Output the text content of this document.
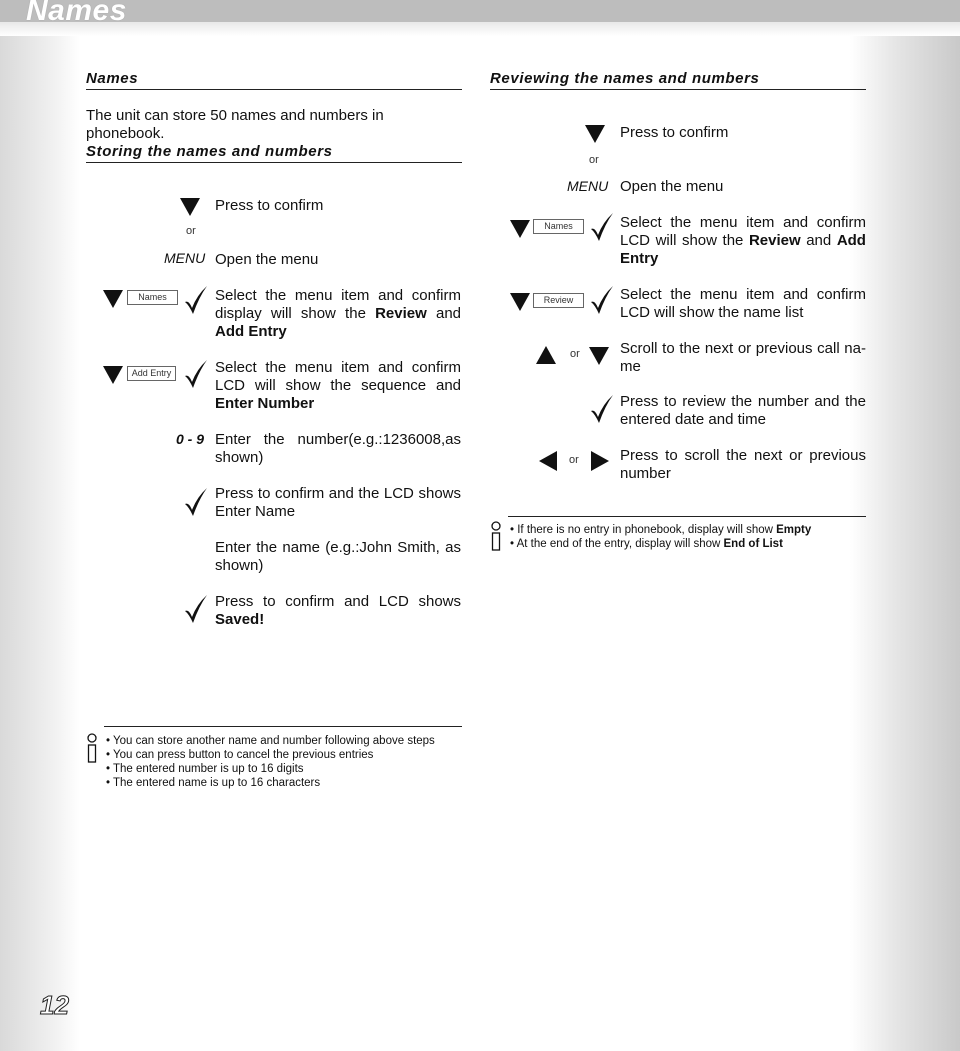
Names
Names
The unit can store 50 names and numbers in phonebook.
Storing the names and numbers
Press to confirm
or
MENU Open the menu
Names	Select the menu item and confirm display will show the Review and Add Entry
Add Entry	Select the menu item and confirm LCD will show the sequence and Enter Number
0 - 9 Enter the number(e.g.:1236008,as shown)
Press to confirm and the LCD shows Enter Name
Enter the name (e.g.:John Smith, as shown)
Press to confirm and LCD shows Saved!
Reviewing the names and numbers
Press to confirm
or
MENU Open the menu
Names	Select the menu item and confirm LCD will show the Review and Add Entry
Review	Select the menu item and confirm LCD will show the name list
or	Scroll to the next or previous call na-me
Press to review the number and the entered date and time
or	Press to scroll the next or previous number
• If there is no entry in phonebook, display will show Empty
• At the end of the entry, display will show End of List
• You can store another name and number following above steps
• You can press button to cancel the previous entries
• The entered number is up to 16 digits
• The entered name is up to 16 characters
12
